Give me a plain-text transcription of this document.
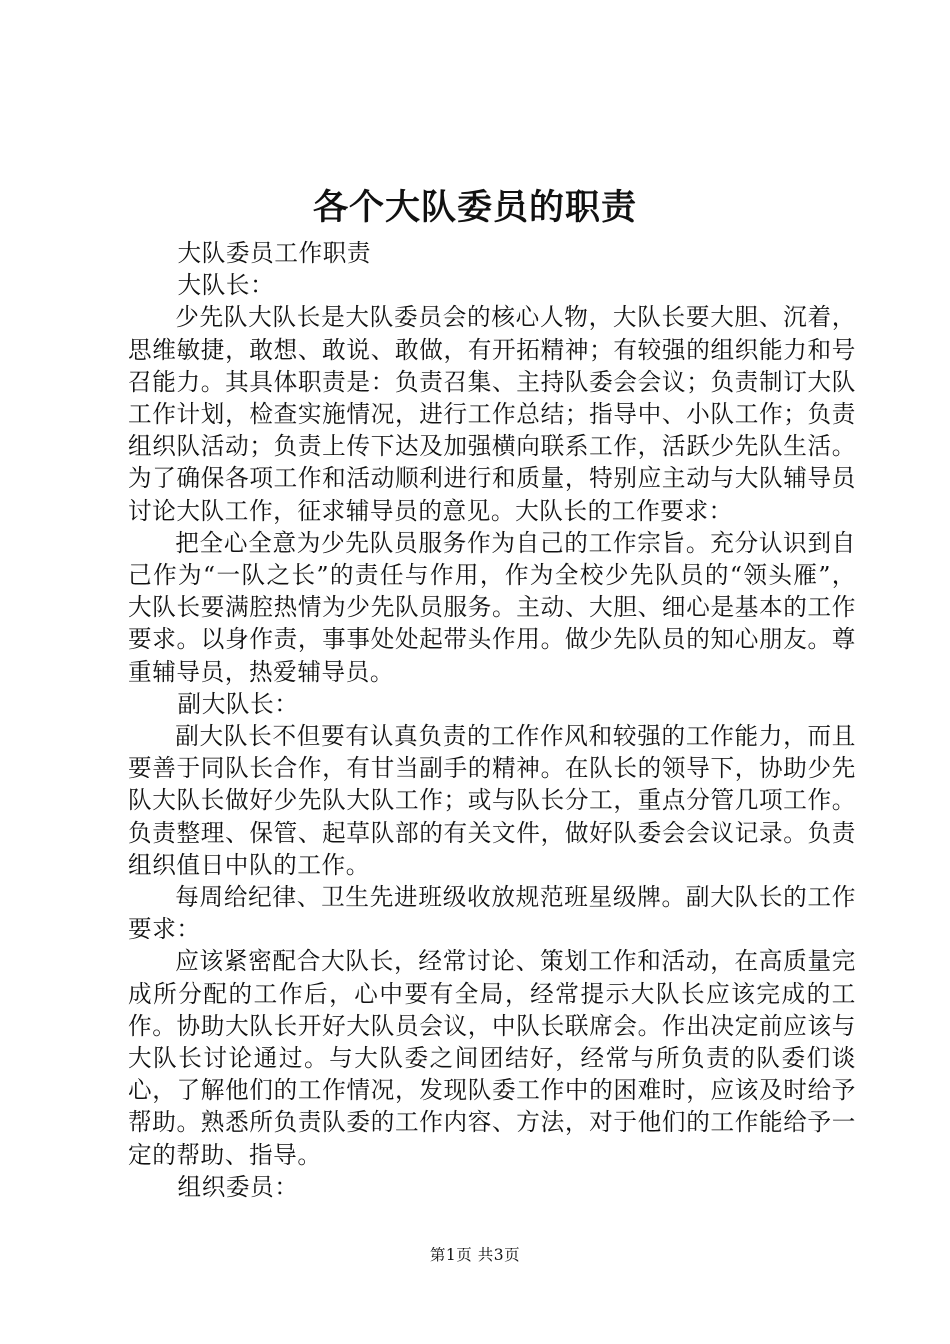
各个大队委员的职责

大队委员工作职责

大队长：

少先队大队长是大队委员会的核心人物，大队长要大胆、沉着，思维敏捷，敢想、敢说、敢做，有开拓精神；有较强的组织能力和号召能力。其具体职责是：负责召集、主持队委会会议；负责制订大队工作计划，检查实施情况，进行工作总结；指导中、小队工作；负责组织队活动；负责上传下达及加强横向联系工作，活跃少先队生活。为了确保各项工作和活动顺利进行和质量，特别应主动与大队辅导员讨论大队工作，征求辅导员的意见。大队长的工作要求：

把全心全意为少先队员服务作为自己的工作宗旨。充分认识到自己作为“一队之长”的责任与作用，作为全校少先队员的“领头雁”，大队长要满腔热情为少先队员服务。主动、大胆、细心是基本的工作要求。以身作责，事事处处起带头作用。做少先队员的知心朋友。尊重辅导员，热爱辅导员。

副大队长：

副大队长不但要有认真负责的工作作风和较强的工作能力，而且要善于同队长合作，有甘当副手的精神。在队长的领导下，协助少先队大队长做好少先队大队工作；或与队长分工，重点分管几项工作。负责整理、保管、起草队部的有关文件，做好队委会会议记录。负责组织值日中队的工作。

每周给纪律、卫生先进班级收放规范班星级牌。副大队长的工作要求：

应该紧密配合大队长，经常讨论、策划工作和活动，在高质量完成所分配的工作后，心中要有全局，经常提示大队长应该完成的工作。协助大队长开好大队员会议，中队长联席会。作出决定前应该与大队长讨论通过。与大队委之间团结好，经常与所负责的队委们谈心，了解他们的工作情况，发现队委工作中的困难时，应该及时给予帮助。熟悉所负责队委的工作内容、方法，对于他们的工作能给予一定的帮助、指导。

组织委员：

第1页 共3页
